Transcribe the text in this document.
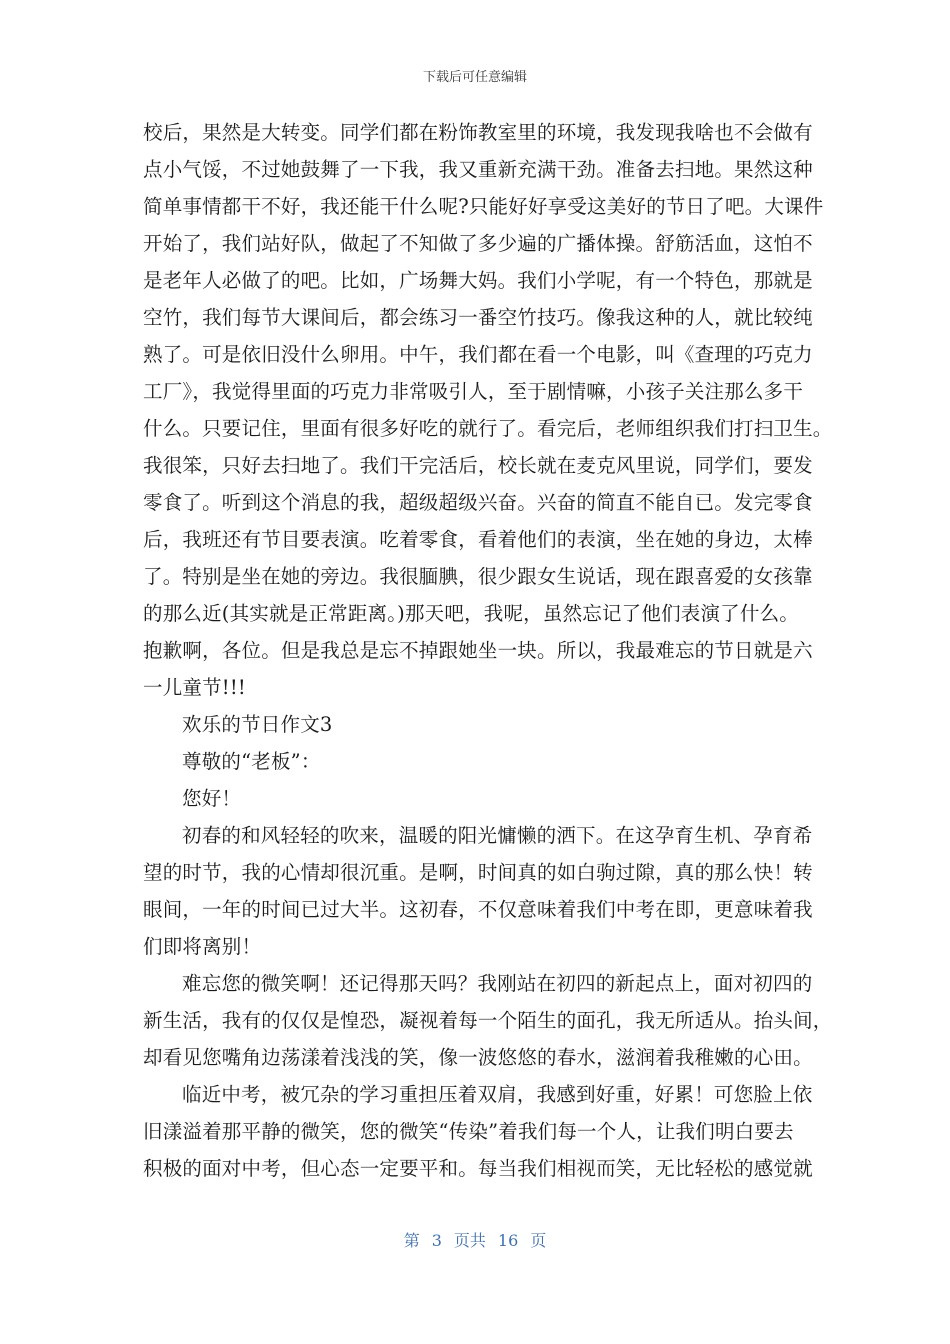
下载后可任意编辑
校后，果然是大转变。同学们都在粉饰教室里的环境，我发现我啥也不会做有
点小气馁，不过她鼓舞了一下我，我又重新充满干劲。准备去扫地。果然这种
简单事情都干不好，我还能干什么呢?只能好好享受这美好的节日了吧。大课件
开始了，我们站好队，做起了不知做了多少遍的广播体操。舒筋活血，这怕不
是老年人必做了的吧。比如，广场舞大妈。我们小学呢，有一个特色，那就是
空竹，我们每节大课间后，都会练习一番空竹技巧。像我这种的人，就比较纯
熟了。可是依旧没什么卵用。中午，我们都在看一个电影，叫《查理的巧克力
工厂》，我觉得里面的巧克力非常吸引人，至于剧情嘛，小孩子关注那么多干
什么。只要记住，里面有很多好吃的就行了。看完后，老师组织我们打扫卫生。
我很笨，只好去扫地了。我们干完活后，校长就在麦克风里说，同学们，要发
零食了。听到这个消息的我，超级超级兴奋。兴奋的简直不能自已。发完零食
后，我班还有节目要表演。吃着零食，看着他们的表演，坐在她的身边，太棒
了。特别是坐在她的旁边。我很腼腆，很少跟女生说话，现在跟喜爱的女孩靠
的那么近(其实就是正常距离。)那天吧，我呢，虽然忘记了他们表演了什么。
抱歉啊，各位。但是我总是忘不掉跟她坐一块。所以，我最难忘的节日就是六
一儿童节!!!
欢乐的节日作文3
尊敬的“老板”：
您好！
初春的和风轻轻的吹来，温暖的阳光慵懒的洒下。在这孕育生机、孕育希
望的时节，我的心情却很沉重。是啊，时间真的如白驹过隙，真的那么快！转
眼间，一年的时间已过大半。这初春，不仅意味着我们中考在即，更意味着我
们即将离别！
难忘您的微笑啊！还记得那天吗？我刚站在初四的新起点上，面对初四的
新生活，我有的仅仅是惶恐，凝视着每一个陌生的面孔，我无所适从。抬头间，
却看见您嘴角边荡漾着浅浅的笑，像一波悠悠的春水，滋润着我稚嫩的心田。
临近中考，被冗杂的学习重担压着双肩，我感到好重，好累！可您脸上依
旧漾溢着那平静的微笑，您的微笑“传染”着我们每一个人，让我们明白要去
积极的面对中考，但心态一定要平和。每当我们相视而笑，无比轻松的感觉就
第 3 页共 16 页
